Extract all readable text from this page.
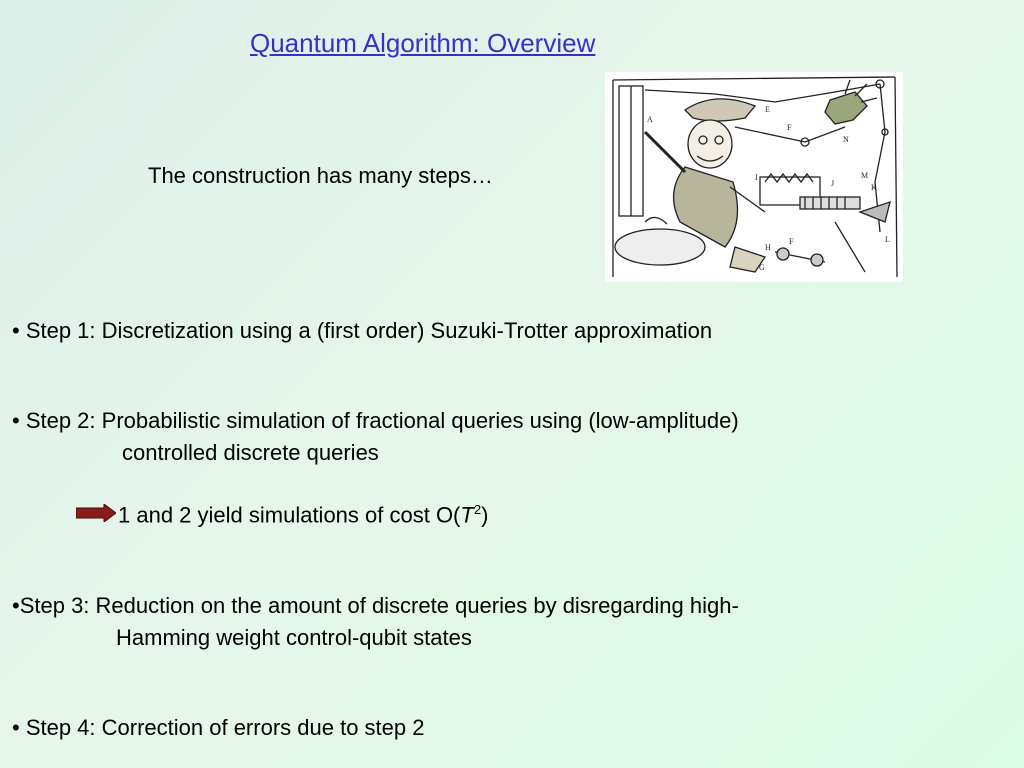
Quantum Algorithm: Overview
The construction has many steps…
A
E
F
N
M
J	K
L
I
H
F
G
• Step 1: Discretization using a (first order) Suzuki-Trotter approximation
• Step 2: Probabilistic simulation of fractional queries using (low-amplitude)
controlled discrete queries
1 and 2 yield simulations of cost $O(T^2)$
•Step 3: Reduction on the amount of discrete queries by disregarding high-
Hamming weight control-qubit states
• Step 4: Correction of errors due to step 2
